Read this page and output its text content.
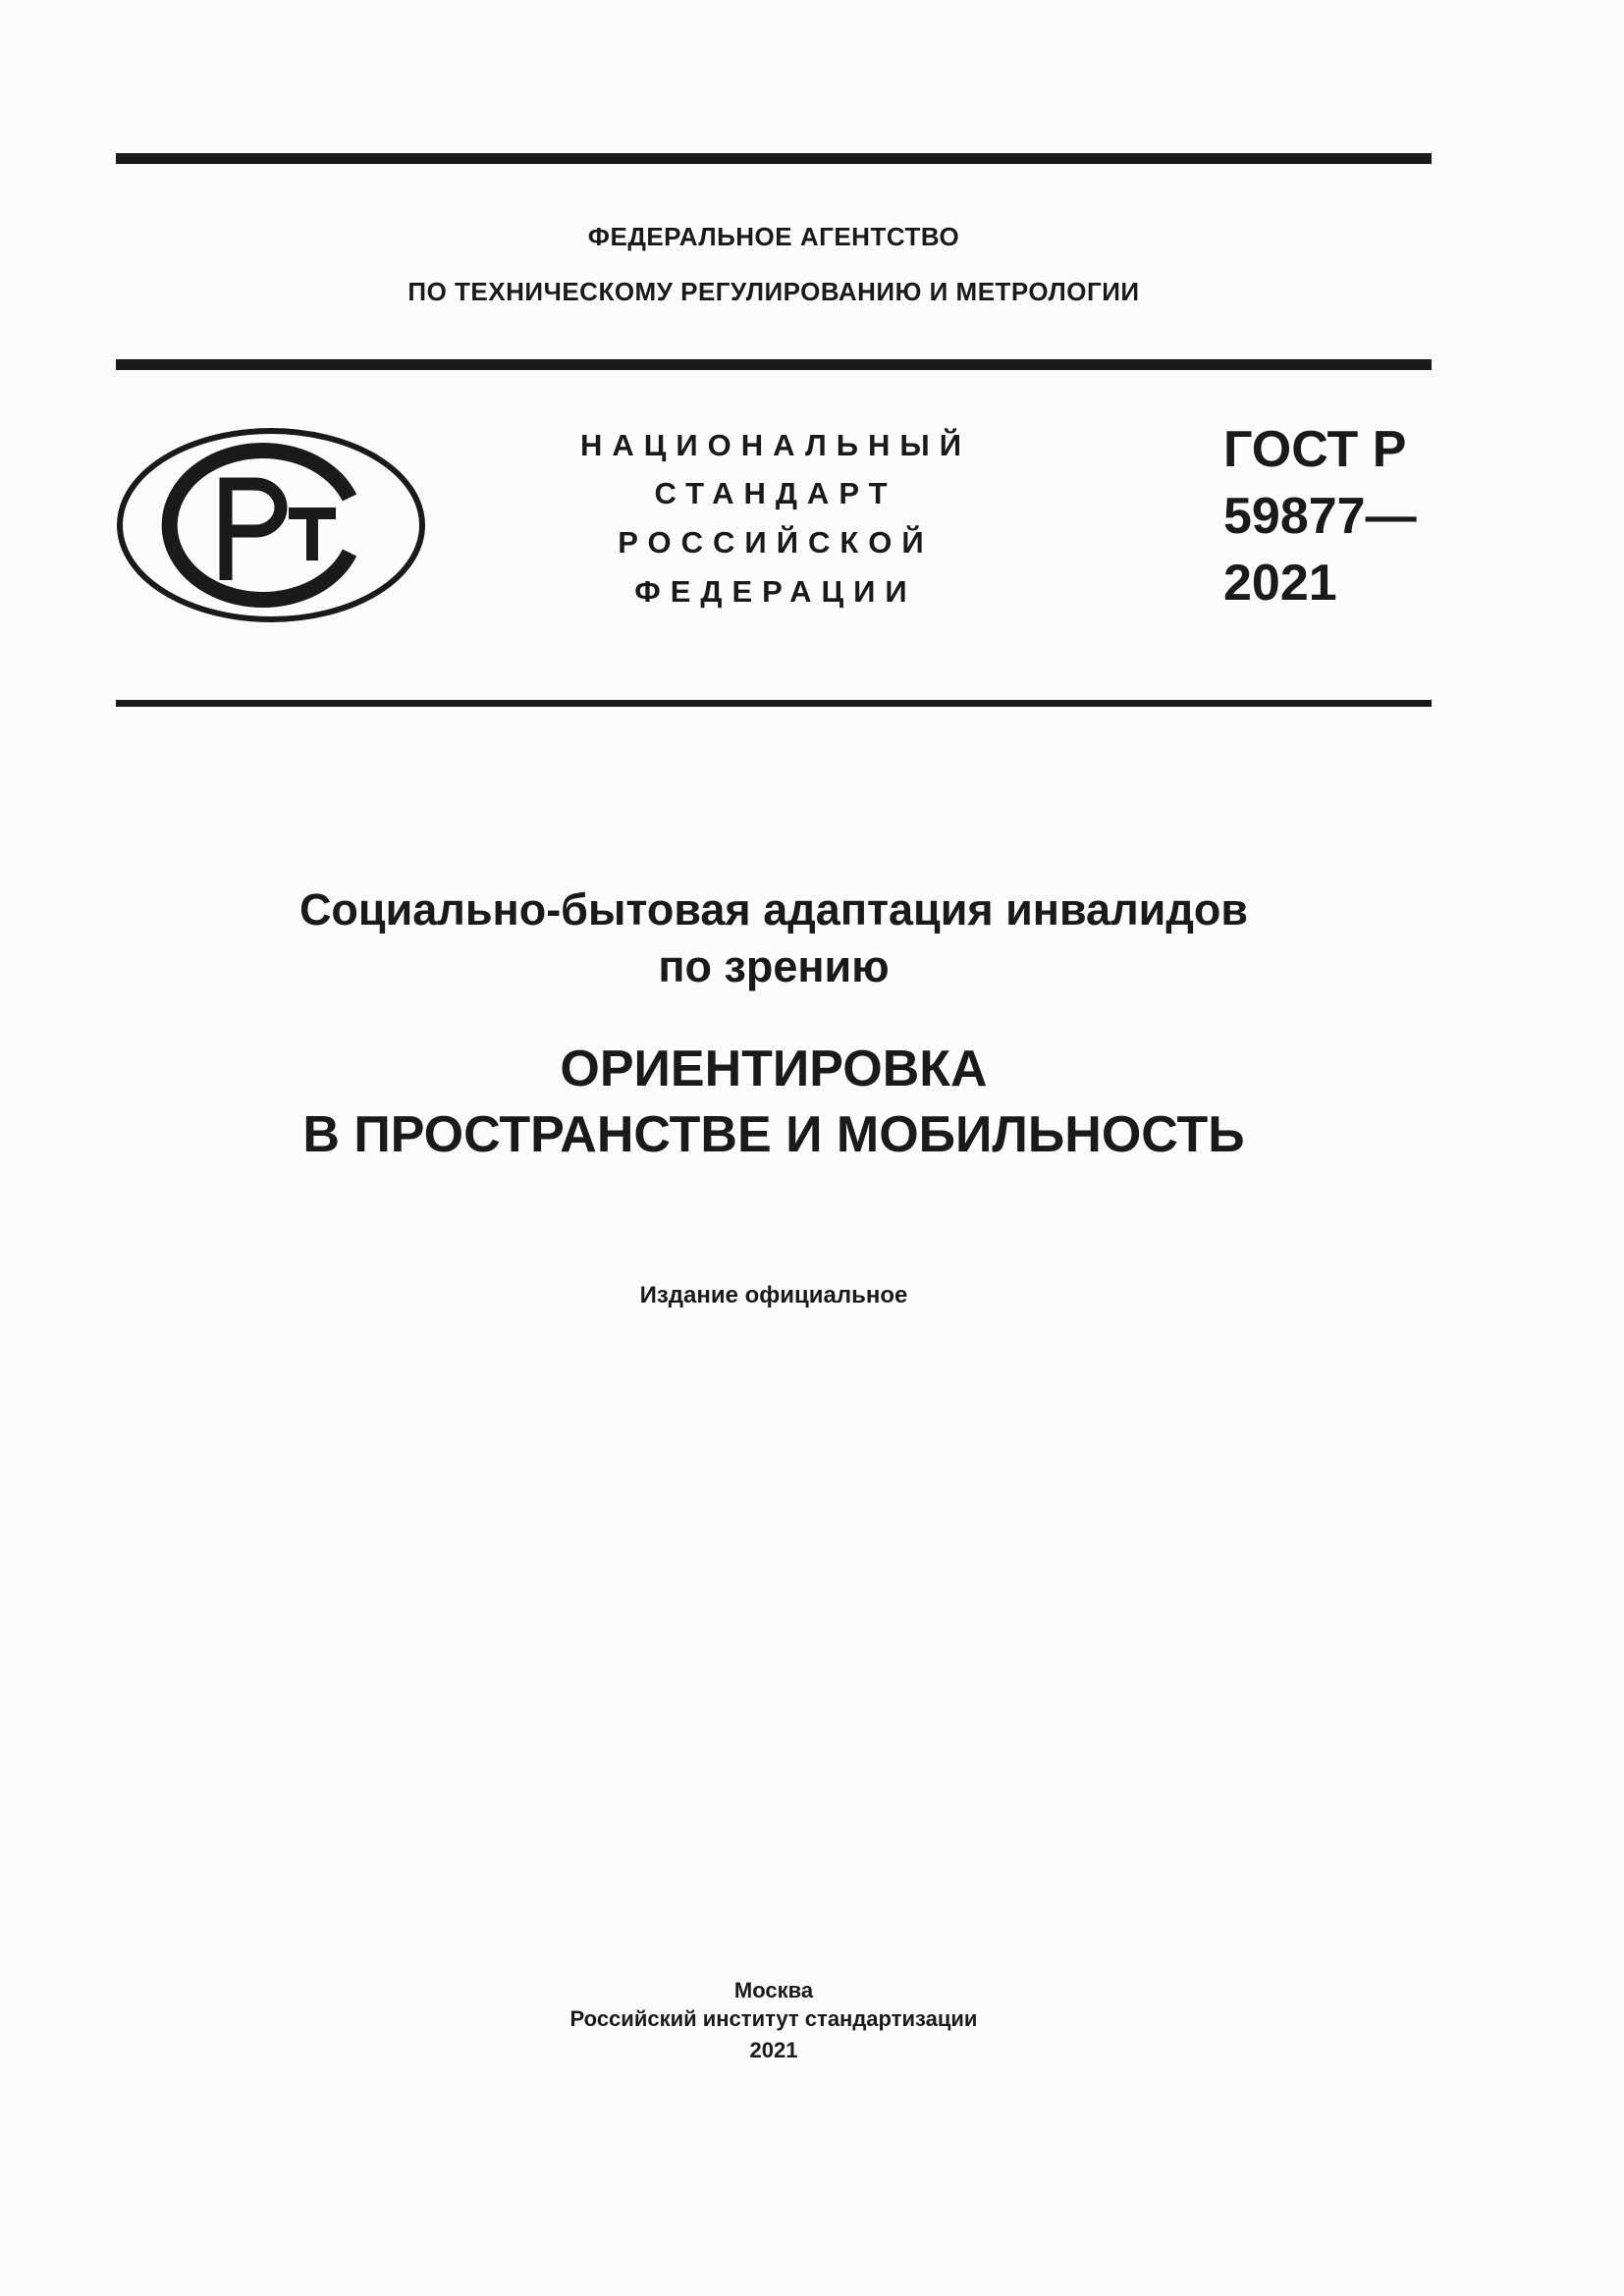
ФЕДЕРАЛЬНОЕ АГЕНТСТВО
ПО ТЕХНИЧЕСКОМУ РЕГУЛИРОВАНИЮ И МЕТРОЛОГИИ
НАЦИОНАЛЬНЫЙ
СТАНДАРТ
РОССИЙСКОЙ
ФЕДЕРАЦИИ
ГОСТ Р
59877—
2021
Социально-бытовая адаптация инвалидов
по зрению
ОРИЕНТИРОВКА
В ПРОСТРАНСТВЕ И МОБИЛЬНОСТЬ
Издание официальное
Москва
Российский институт стандартизации
2021
